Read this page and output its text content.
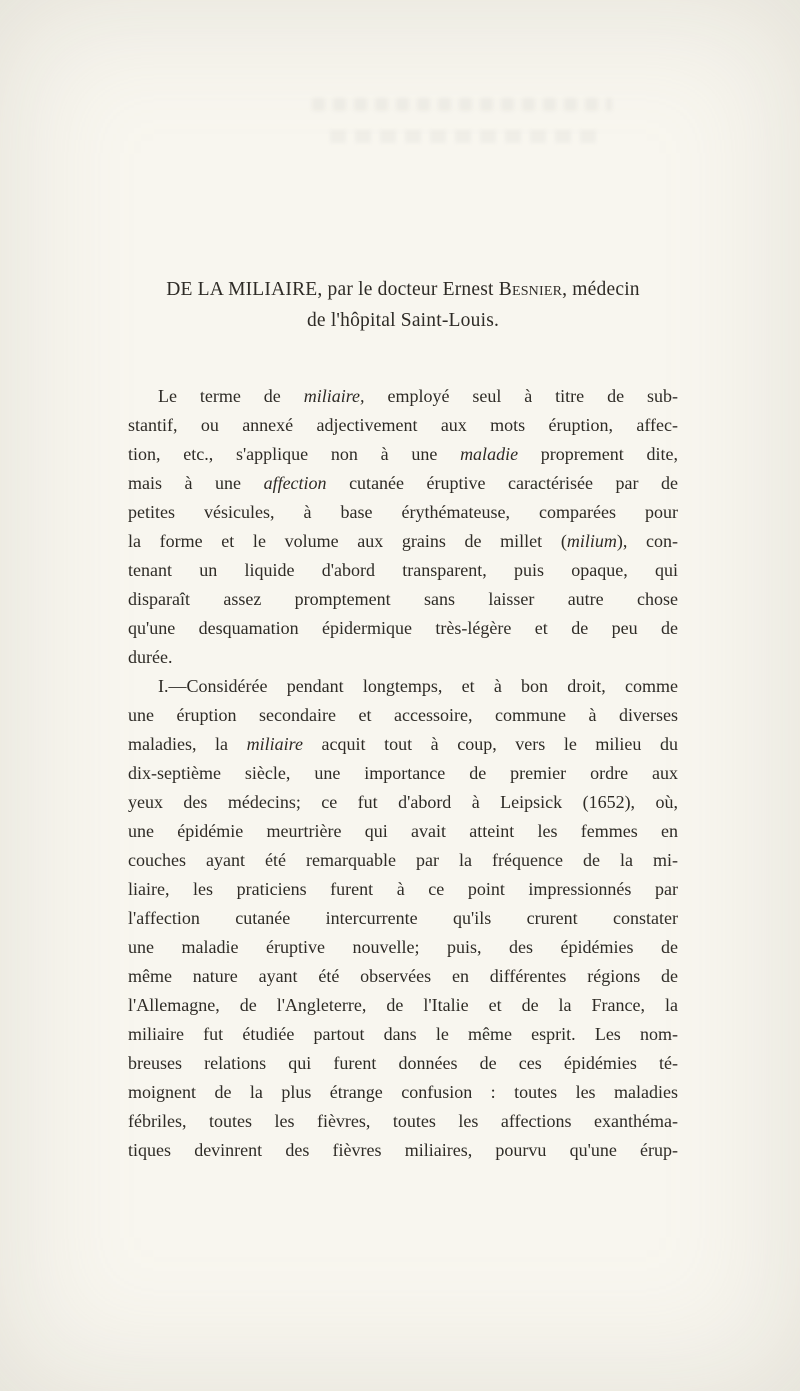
DE LA MILIAIRE, par le docteur Ernest Besnier, médecin
de l'hôpital Saint-Louis.
Le terme de miliaire, employé seul à titre de sub-
stantif, ou annexé adjectivement aux mots éruption, affec-
tion, etc., s'applique non à une maladie proprement dite,
mais à une affection cutanée éruptive caractérisée par de
petites vésicules, à base érythémateuse, comparées pour
la forme et le volume aux grains de millet (milium), con-
tenant un liquide d'abord transparent, puis opaque, qui
disparaît assez promptement sans laisser autre chose
qu'une desquamation épidermique très-légère et de peu de
durée.
I.—Considérée pendant longtemps, et à bon droit, comme
une éruption secondaire et accessoire, commune à diverses
maladies, la miliaire acquit tout à coup, vers le milieu du
dix-septième siècle, une importance de premier ordre aux
yeux des médecins; ce fut d'abord à Leipsick (1652), où,
une épidémie meurtrière qui avait atteint les femmes en
couches ayant été remarquable par la fréquence de la mi-
liaire, les praticiens furent à ce point impressionnés par
l'affection cutanée intercurrente qu'ils crurent constater
une maladie éruptive nouvelle; puis, des épidémies de
même nature ayant été observées en différentes régions de
l'Allemagne, de l'Angleterre, de l'Italie et de la France, la
miliaire fut étudiée partout dans le même esprit. Les nom-
breuses relations qui furent données de ces épidémies té-
moignent de la plus étrange confusion : toutes les maladies
fébriles, toutes les fièvres, toutes les affections exanthéma-
tiques devinrent des fièvres miliaires, pourvu qu'une érup-
